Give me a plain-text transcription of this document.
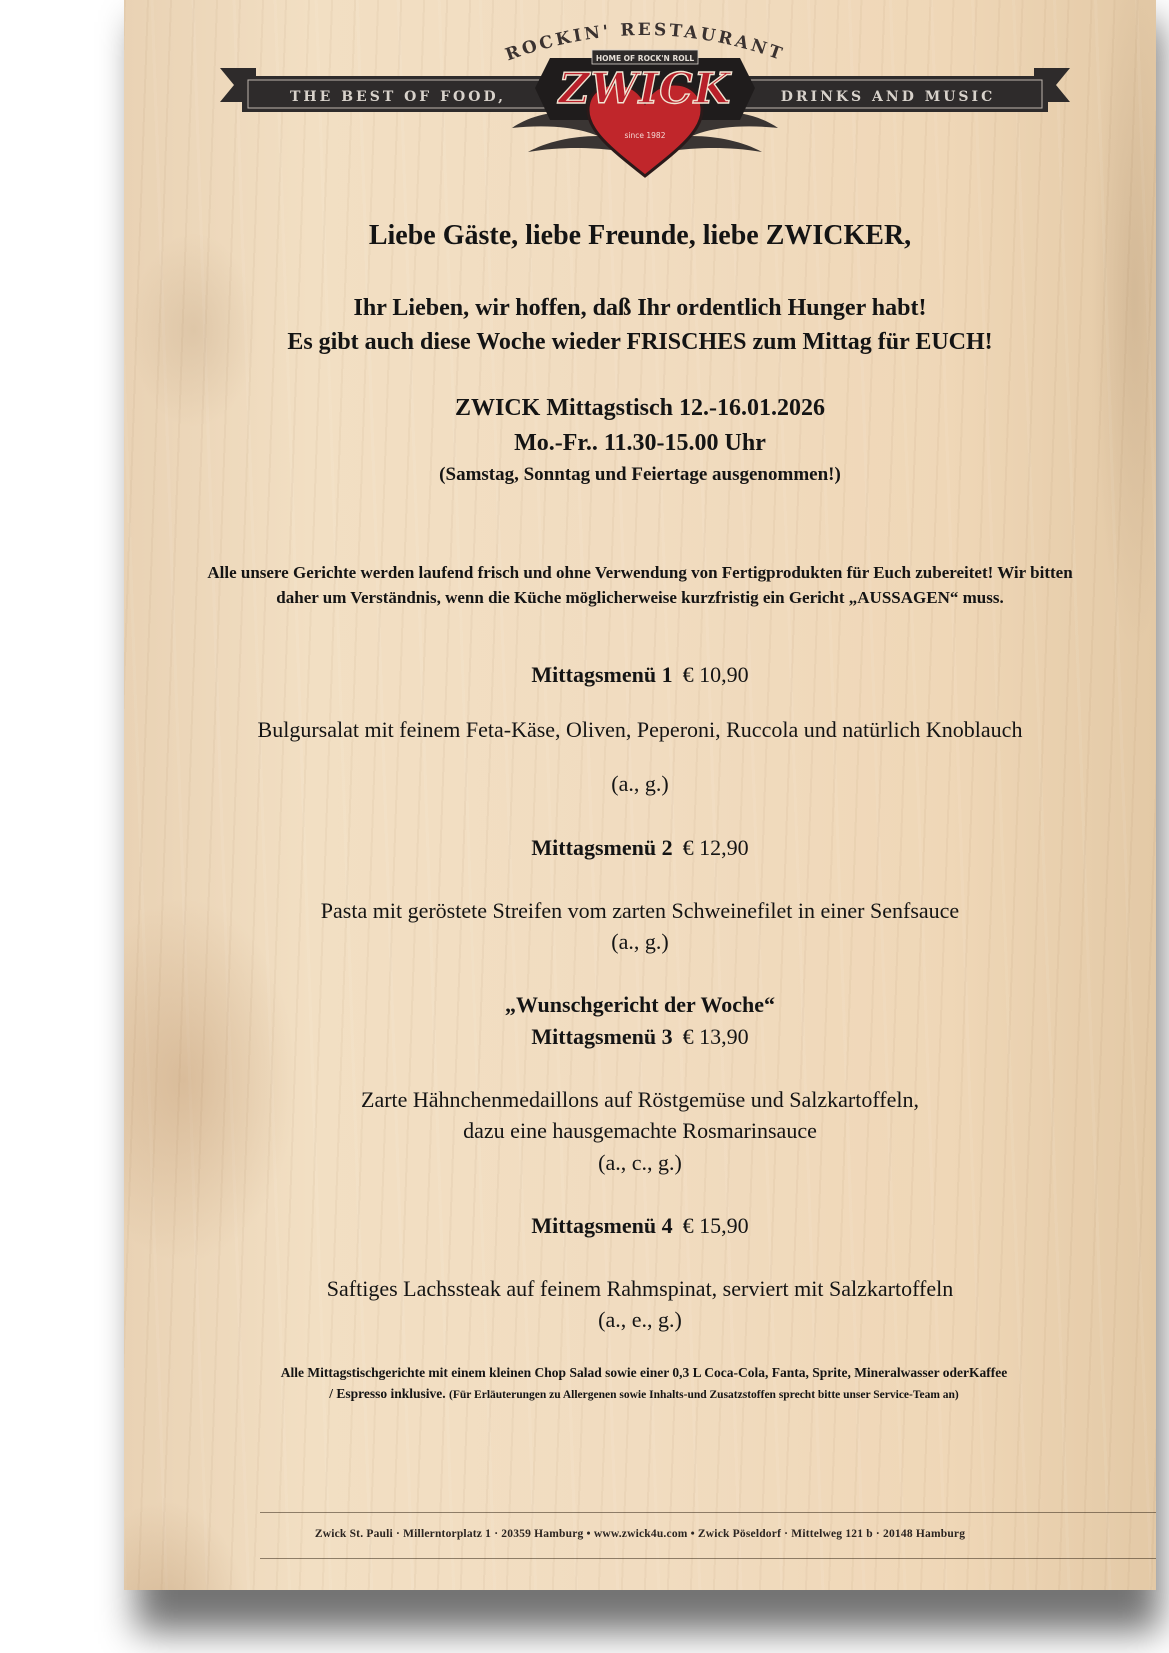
THE BEST OF FOOD,	DRINKS AND MUSIC
ROCKIN' RESTAURANT
HOME OF ROCK'N ROLL
ZWICK
since 1982
Liebe Gäste, liebe Freunde, liebe ZWICKER,
Ihr Lieben, wir hoffen, daß Ihr ordentlich Hunger habt!
Es gibt auch diese Woche wieder FRISCHES zum Mittag für EUCH!
ZWICK Mittagstisch 12.-16.01.2026
Mo.-Fr.. 11.30-15.00 Uhr
(Samstag, Sonntag und Feiertage ausgenommen!)
Alle unsere Gerichte werden laufend frisch und ohne Verwendung von Fertigprodukten für Euch zubereitet! Wir bitten daher um Verständnis, wenn die Küche möglicherweise kurzfristig ein Gericht „AUSSAGEN“ muss.
Mittagsmenü 1 € 10,90
Bulgursalat mit feinem Feta-Käse, Oliven, Peperoni, Ruccola und natürlich Knoblauch
(a., g.)
Mittagsmenü 2 € 12,90
Pasta mit geröstete Streifen vom zarten Schweinefilet in einer Senfsauce
(a., g.)
„Wunschgericht der Woche“
Mittagsmenü 3 € 13,90
Zarte Hähnchenmedaillons auf Röstgemüse und Salzkartoffeln,
dazu eine hausgemachte Rosmarinsauce
(a., c., g.)
Mittagsmenü 4 € 15,90
Saftiges Lachssteak auf feinem Rahmspinat, serviert mit Salzkartoffeln
(a., e., g.)
Alle Mittagstischgerichte mit einem kleinen Chop Salad sowie einer 0,3 L Coca-Cola, Fanta, Sprite, Mineralwasser oderKaffee
/ Espresso inklusive. (Für Erläuterungen zu Allergenen sowie Inhalts-und Zusatzstoffen sprecht bitte unser Service-Team an)
Zwick St. Pauli · Millerntorplatz 1 · 20359 Hamburg • www.zwick4u.com • Zwick Pöseldorf · Mittelweg 121 b · 20148 Hamburg
